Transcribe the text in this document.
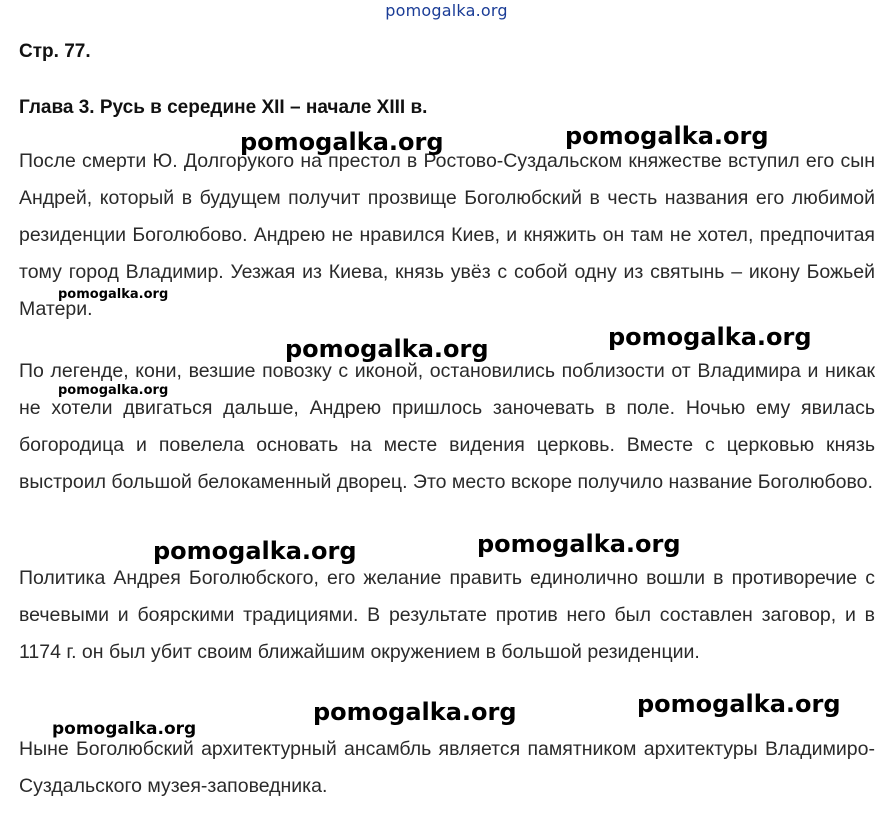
pomogalka.org
Стр. 77.
Глава 3. Русь в середине XII – начале XIII в.

После смерти Ю. Долгорукого на престол в Ростово-Суздальском княжестве вступил его сын Андрей, который в будущем получит прозвище Боголюбский в честь названия его любимой резиденции Боголюбово. Андрею не нравился Киев, и княжить он там не хотел, предпочитая тому город Владимир. Уезжая из Киева, князь увёз с собой одну из святынь – икону Божьей Матери.

По легенде, кони, везшие повозку с иконой, остановились поблизости от Владимира и никак не хотели двигаться дальше, Андрею пришлось заночевать в поле. Ночью ему явилась богородица и повелела основать на месте видения церковь. Вместе с церковью князь выстроил большой белокаменный дворец. Это место вскоре получило название Боголюбово.

Политика Андрея Боголюбского, его желание править единолично вошли в противоречие с вечевыми и боярскими традициями. В результате против него был составлен заговор, и в 1174 г. он был убит своим ближайшим окружением в большой резиденции.

Ныне Боголюбский архитектурный ансамбль является памятником архитектуры Владимиро-Суздальского музея-заповедника.

pomogalka.org	pomogalka.org
pomogalka.org
pomogalka.org
pomogalka.org
pomogalka.org
pomogalka.org	pomogalka.org
pomogalka.org
pomogalka.org
pomogalka.org
